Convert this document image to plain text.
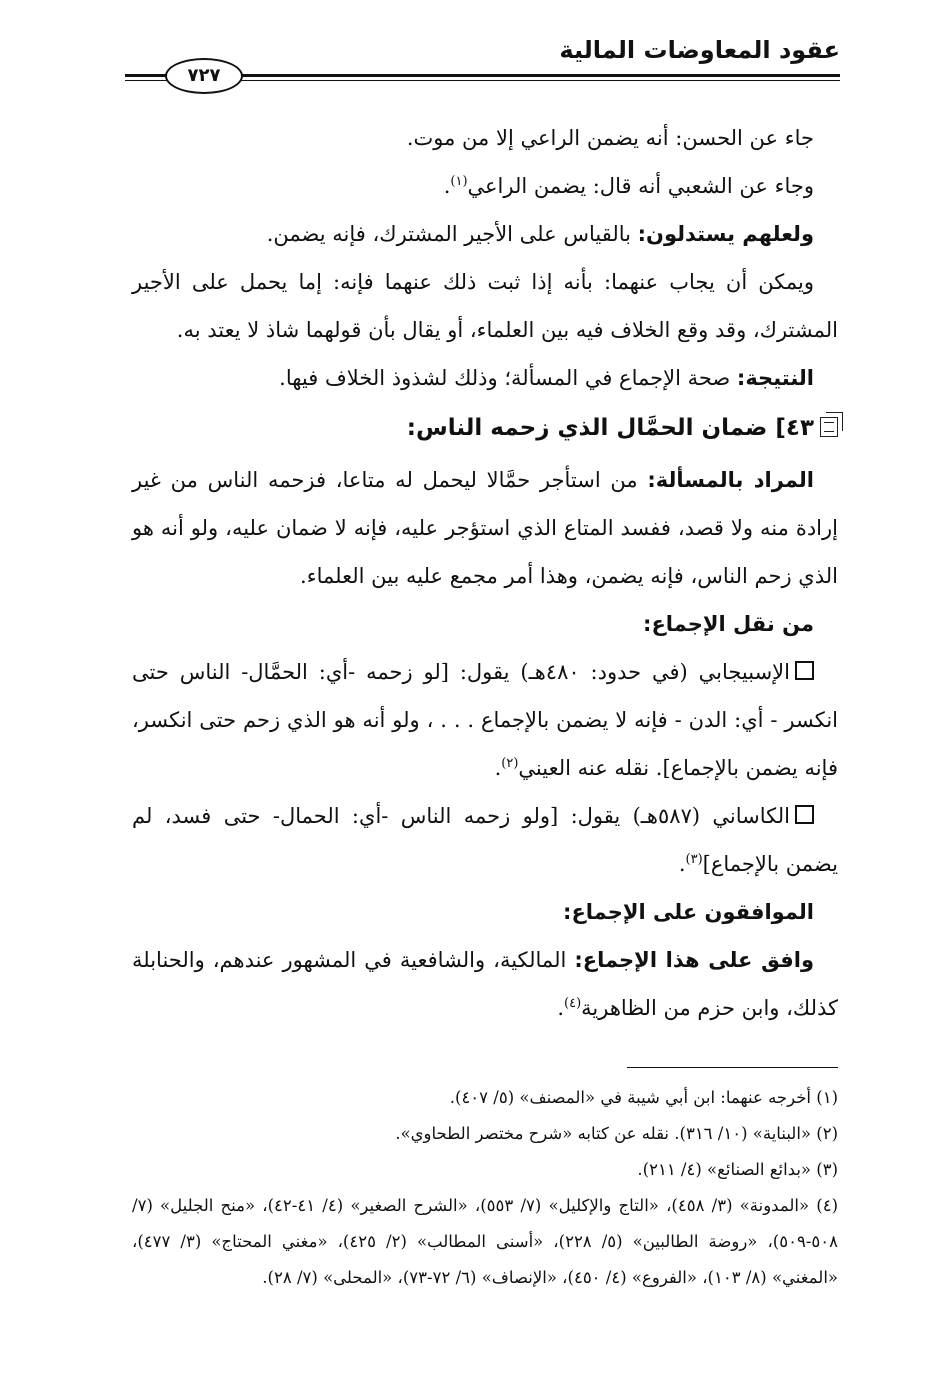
عقود المعاوضات المالية
٧٢٧

جاء عن الحسن: أنه يضمن الراعي إلا من موت.

وجاء عن الشعبي أنه قال: يضمن الراعي$^{(١)}$.

ولعلهم يستدلون: بالقياس على الأجير المشترك، فإنه يضمن.

ويمكن أن يجاب عنهما: بأنه إذا ثبت ذلك عنهما فإنه: إما يحمل على الأجير المشترك، وقد وقع الخلاف فيه بين العلماء، أو يقال بأن قولهما شاذ لا يعتد به.

النتيجة: صحة الإجماع في المسألة؛ وذلك لشذوذ الخلاف فيها.

٤٣] ضمان الحمَّال الذي زحمه الناس:

المراد بالمسألة: من استأجر حمَّالا ليحمل له متاعا، فزحمه الناس من غير إرادة منه ولا قصد، ففسد المتاع الذي استؤجر عليه، فإنه لا ضمان عليه، ولو أنه هو الذي زحم الناس، فإنه يضمن، وهذا أمر مجمع عليه بين العلماء.

من نقل الإجماع:

الإسبيجابي (في حدود: ٤٨٠هـ) يقول: [لو زحمه -أي: الحمَّال- الناس حتى انكسر - أي: الدن - فإنه لا يضمن بالإجماع . . . ، ولو أنه هو الذي زحم حتى انكسر، فإنه يضمن بالإجماع]. نقله عنه العيني$^{(٢)}$.

الكاساني (٥٨٧هـ) يقول: [ولو زحمه الناس -أي: الحمال- حتى فسد، لم يضمن بالإجماع]$^{(٣)}$.

الموافقون على الإجماع:

وافق على هذا الإجماع: المالكية، والشافعية في المشهور عندهم، والحنابلة كذلك، وابن حزم من الظاهرية$^{(٤)}$.

(١) أخرجه عنهما: ابن أبي شيبة في «المصنف» (٥/ ٤٠٧).

(٢) «البناية» (١٠/ ٣١٦). نقله عن كتابه «شرح مختصر الطحاوي».

(٣) «بدائع الصنائع» (٤/ ٢١١).

(٤) «المدونة» (٣/ ٤٥٨)، «التاج والإكليل» (٧/ ٥٥٣)، «الشرح الصغير» (٤/ ٤١-٤٢)، «منح الجليل» (٧/ ٥٠٨-٥٠٩)، «روضة الطالبين» (٥/ ٢٢٨)، «أسنى المطالب» (٢/ ٤٢٥)، «مغني المحتاج» (٣/ ٤٧٧)، «المغني» (٨/ ١٠٣)، «الفروع» (٤/ ٤٥٠)، «الإنصاف» (٦/ ٧٢-٧٣)، «المحلى» (٧/ ٢٨).
